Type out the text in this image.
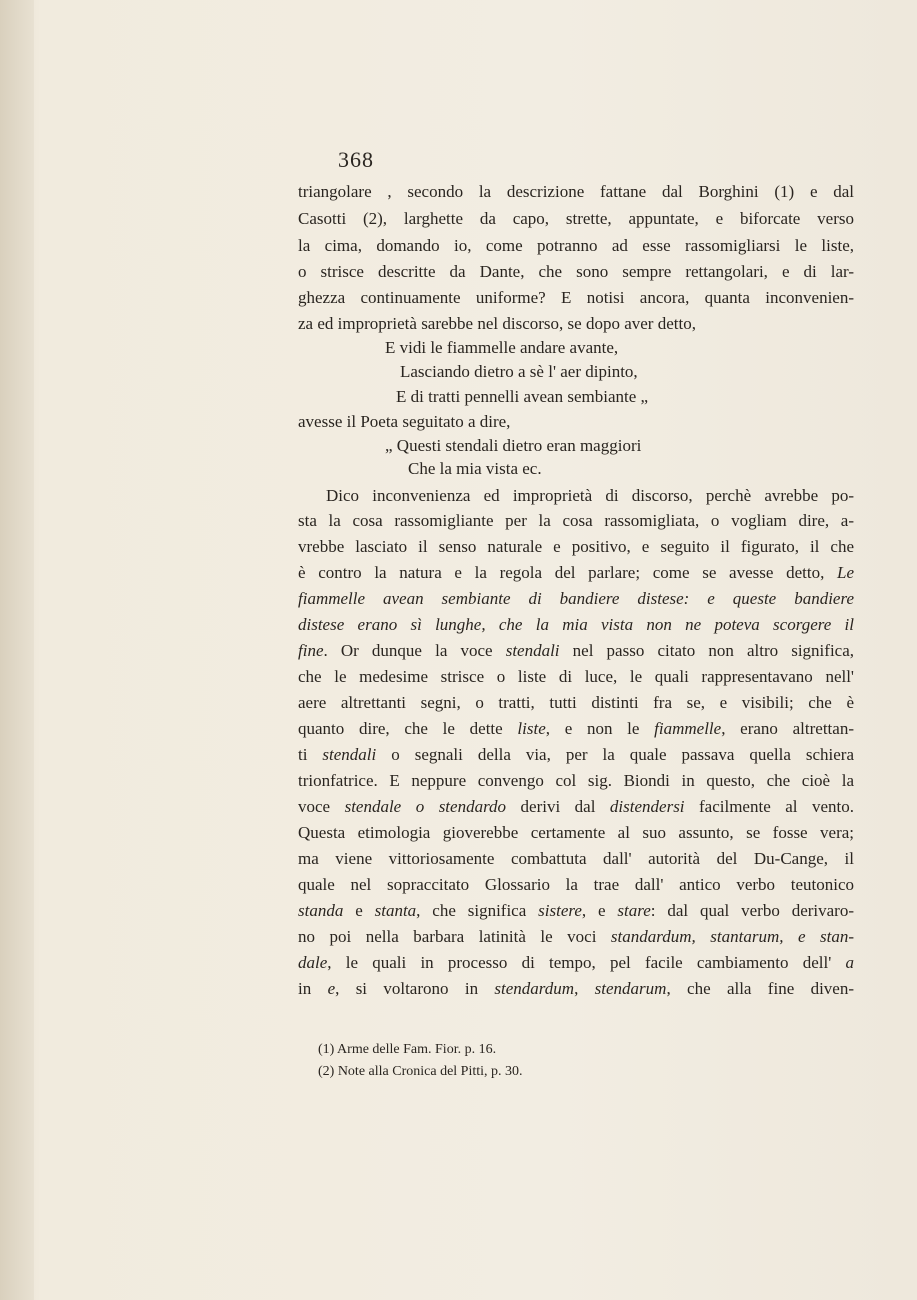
368
triangolare , secondo la descrizione fattane dal Borghini (1) e dal
Casotti (2), larghette da capo, strette, appuntate, e biforcate verso
la cima, domando io, come potranno ad esse rassomigliarsi le liste,
o strisce descritte da Dante, che sono sempre rettangolari, e di lar-
ghezza continuamente uniforme? E notisi ancora, quanta inconvenien-
za ed improprietà sarebbe nel discorso, se dopo aver detto,
E vidi le fiammelle andare avante,
Lasciando dietro a sè l' aer dipinto,
E di tratti pennelli avean sembiante „
avesse il Poeta seguitato a dire,
„ Questi stendali dietro eran maggiori
Che la mia vista ec.
Dico inconvenienza ed improprietà di discorso, perchè avrebbe po-
sta la cosa rassomigliante per la cosa rassomigliata, o vogliam dire, a-
vrebbe lasciato il senso naturale e positivo, e seguito il figurato, il che
è contro la natura e la regola del parlare; come se avesse detto, Le
fiammelle avean sembiante di bandiere distese: e queste bandiere
distese erano sì lunghe, che la mia vista non ne poteva scorgere il
fine. Or dunque la voce stendali nel passo citato non altro significa,
che le medesime strisce o liste di luce, le quali rappresentavano nell'
aere altrettanti segni, o tratti, tutti distinti fra se, e visibili; che è
quanto dire, che le dette liste, e non le fiammelle, erano altrettan-
ti stendali o segnali della via, per la quale passava quella schiera
trionfatrice. E neppure convengo col sig. Biondi in questo, che cioè la
voce stendale o stendardo derivi dal distendersi facilmente al vento.
Questa etimologia gioverebbe certamente al suo assunto, se fosse vera;
ma viene vittoriosamente combattuta dall' autorità del Du-Cange, il
quale nel sopraccitato Glossario la trae dall' antico verbo teutonico
standa e stanta, che significa sistere, e stare: dal qual verbo derivaro-
no poi nella barbara latinità le voci standardum, stantarum, e stan-
dale, le quali in processo di tempo, pel facile cambiamento dell' a
in e, si voltarono in stendardum, stendarum, che alla fine diven-
(1) Arme delle Fam. Fior. p. 16.
(2) Note alla Cronica del Pitti, p. 30.
